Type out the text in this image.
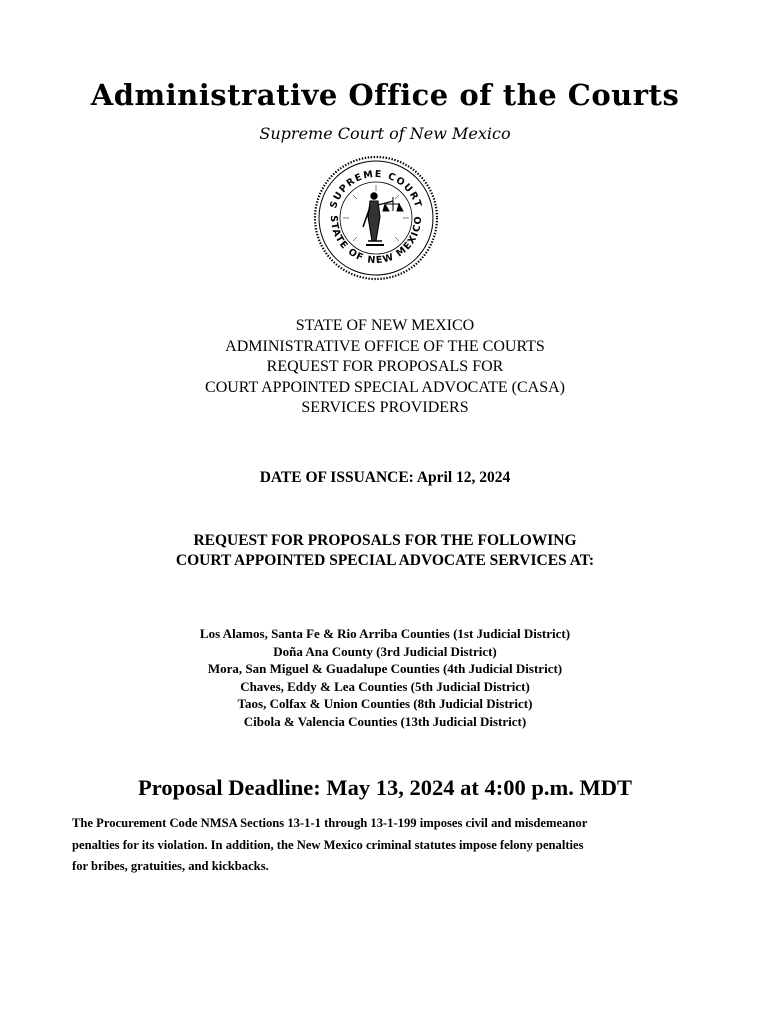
Administrative Office of the Courts
Supreme Court of New Mexico
SUPREME COURT
STATE OF NEW MEXICO
STATE OF NEW MEXICO
ADMINISTRATIVE OFFICE OF THE COURTS
REQUEST FOR PROPOSALS FOR
COURT APPOINTED SPECIAL ADVOCATE (CASA)
SERVICES PROVIDERS
DATE OF ISSUANCE: April 12, 2024
REQUEST FOR PROPOSALS FOR THE FOLLOWING
COURT APPOINTED SPECIAL ADVOCATE SERVICES AT:
Los Alamos, Santa Fe & Rio Arriba Counties (1st Judicial District)
Doña Ana County (3rd Judicial District)
Mora, San Miguel & Guadalupe Counties (4th Judicial District)
Chaves, Eddy & Lea Counties (5th Judicial District)
Taos, Colfax & Union Counties (8th Judicial District)
Cibola & Valencia Counties (13th Judicial District)
Proposal Deadline: May 13, 2024 at 4:00 p.m. MDT
The Procurement Code NMSA Sections 13-1-1 through 13-1-199 imposes civil and misdemeanor
penalties for its violation. In addition, the New Mexico criminal statutes impose felony penalties
for bribes, gratuities, and kickbacks.
